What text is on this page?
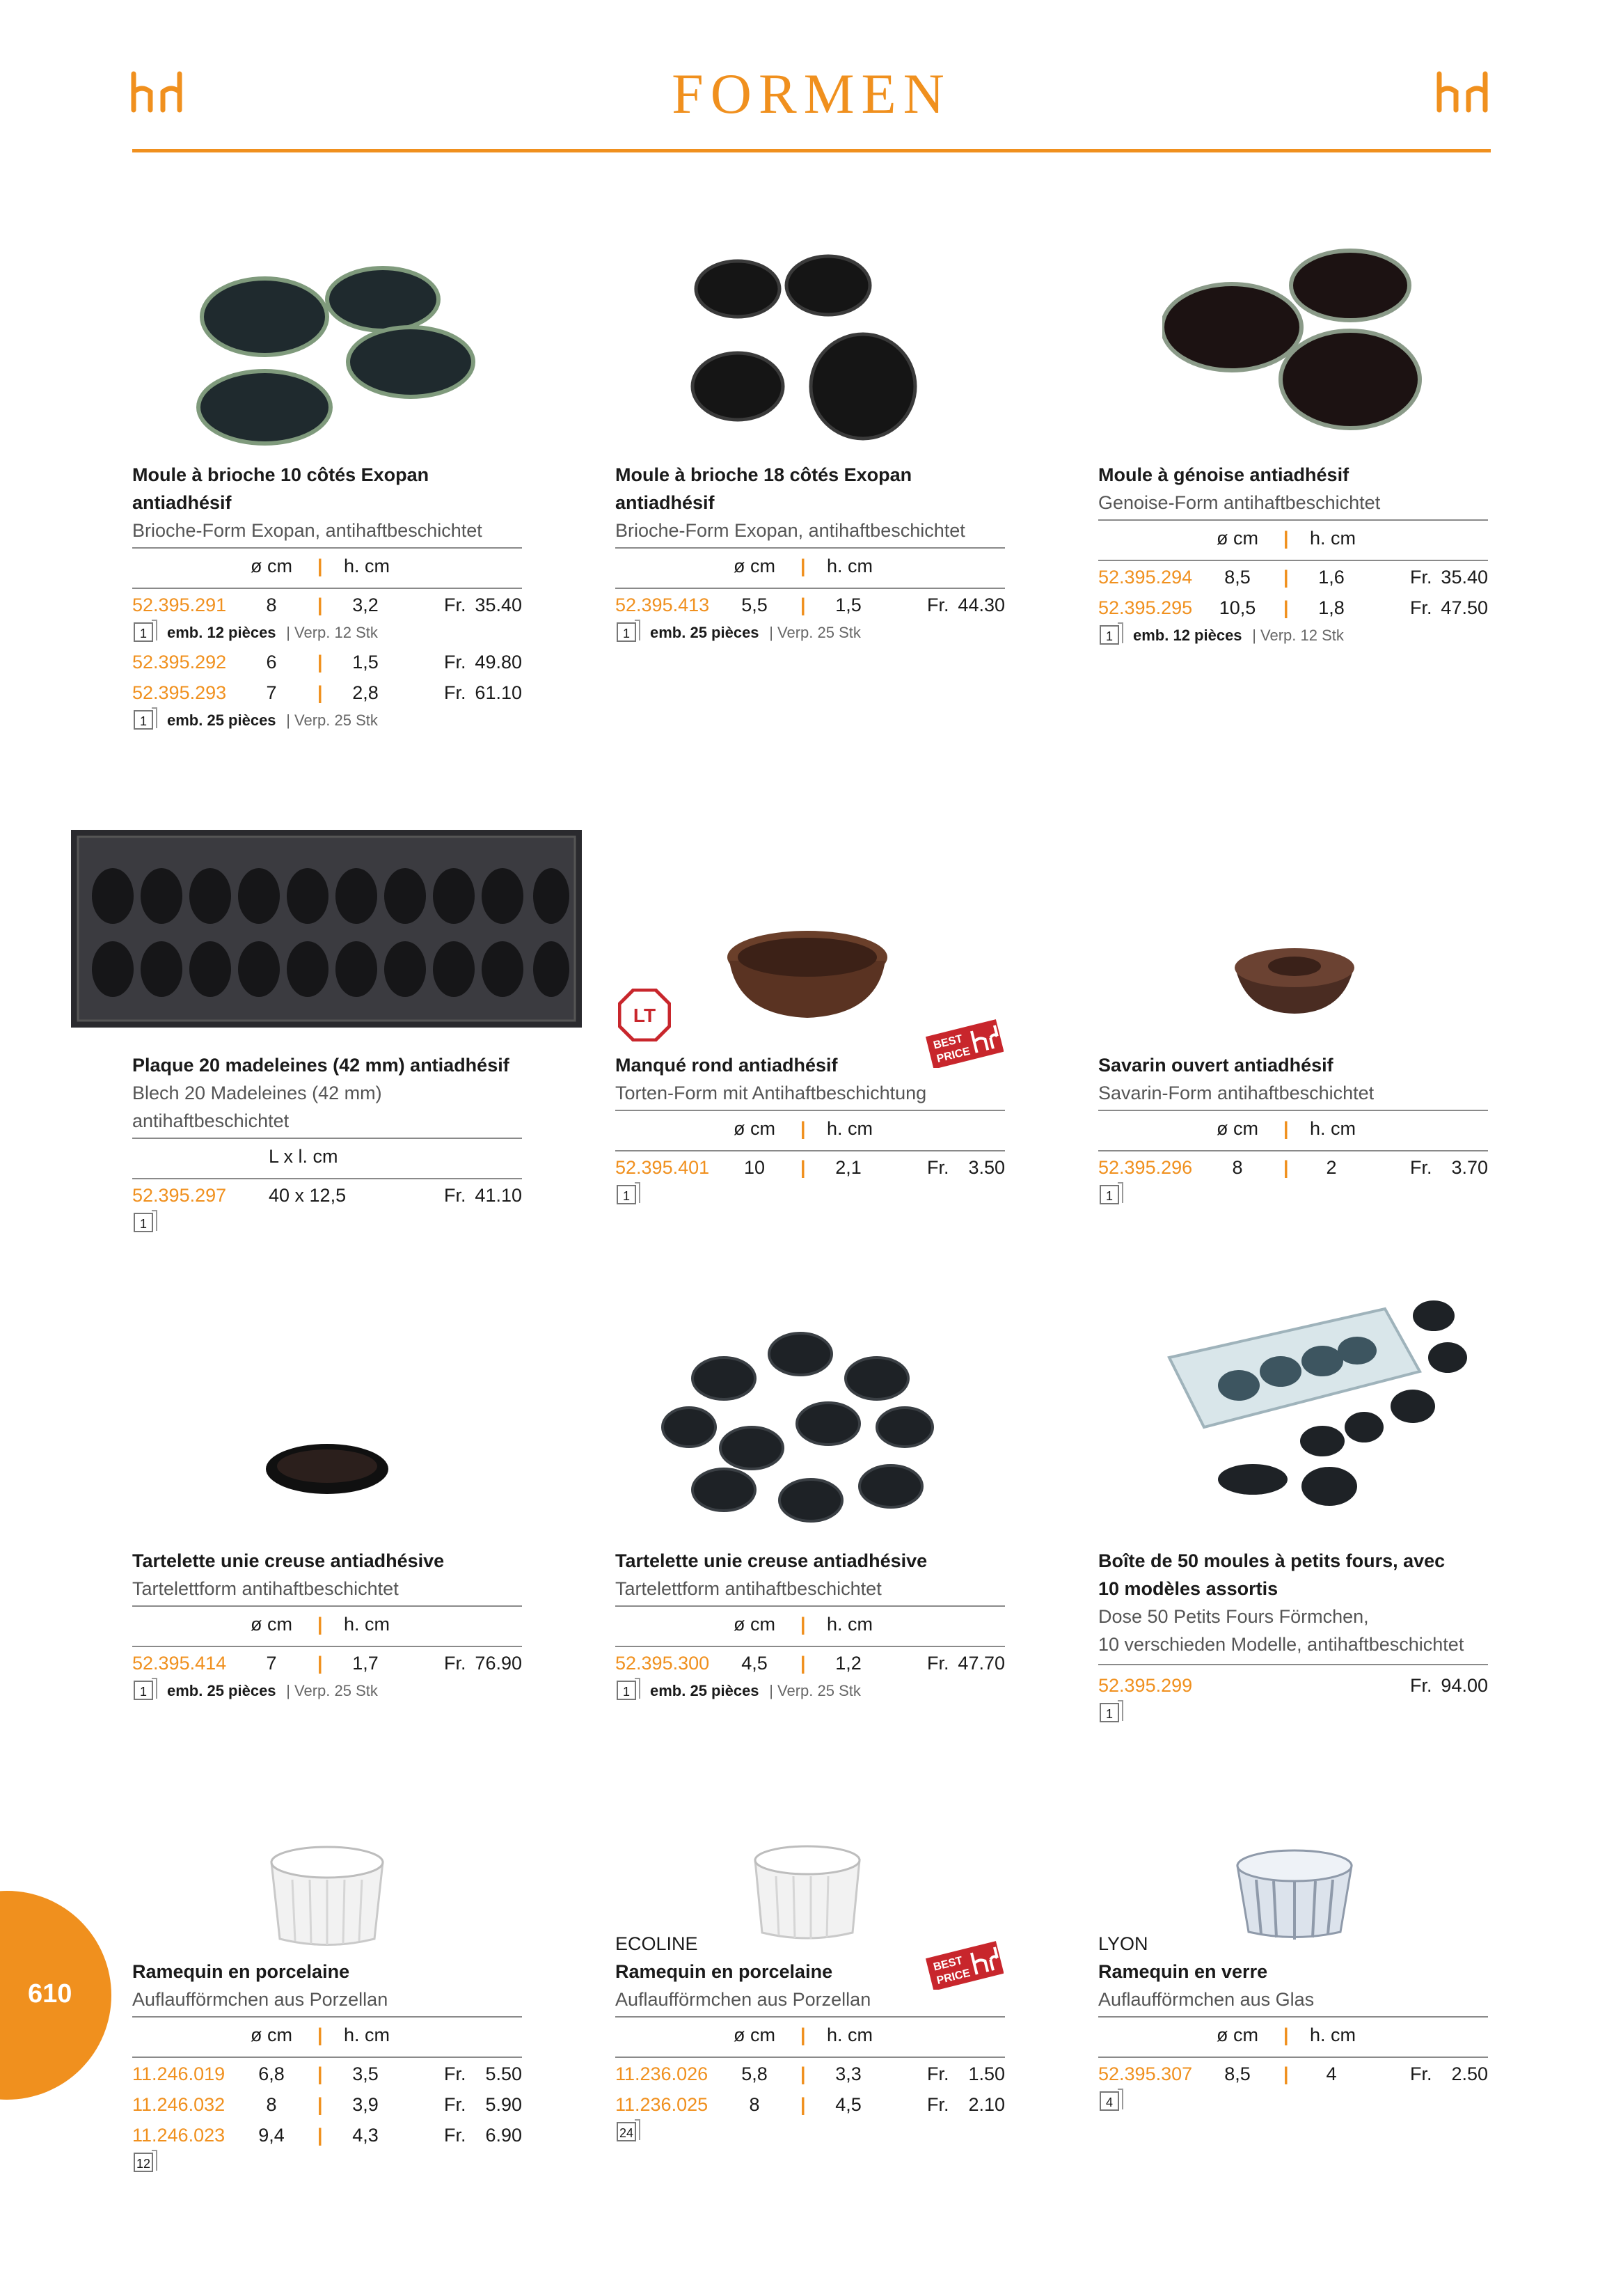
FORMEN
LT
BEST
PRICE
BEST
PRICE
Moule à brioche 10 côtés Exopan antiadhésif
Brioche-Form Exopan, antihaftbeschichtet
ø cm | h. cm
52.395.291 8 | 3,2	Fr. 35.40
1	emb. 12 pièces | Verp. 12 Stk
52.395.292 6 | 1,5	Fr. 49.80
52.395.293 7 | 2,8	Fr. 61.10
1	emb. 25 pièces | Verp. 25 Stk
Moule à brioche 18 côtés Exopan antiadhésif
Brioche-Form Exopan, antihaftbeschichtet
ø cm | h. cm
52.395.413 5,5 | 1,5	Fr. 44.30
1	emb. 25 pièces | Verp. 25 Stk
Moule à génoise antiadhésif
Genoise-Form antihaftbeschichtet
ø cm | h. cm
52.395.294 8,5 | 1,6	Fr. 35.40
52.395.295 10,5 | 1,8	Fr. 47.50
1	emb. 12 pièces | Verp. 12 Stk
Plaque 20 madeleines (42 mm) antiadhésif
Blech 20 Madeleines (42 mm)
antihaftbeschichtet
L x l. cm
52.395.297 40 x 12,5	Fr. 41.10
1
Manqué rond antiadhésif
Torten-Form mit Antihaftbeschichtung
ø cm | h. cm
52.395.401 10 | 2,1	Fr. 3.50
1
Savarin ouvert antiadhésif
Savarin-Form antihaftbeschichtet
ø cm | h. cm
52.395.296 8 | 2	Fr. 3.70
1
Tartelette unie creuse antiadhésive
Tartelettform antihaftbeschichtet
ø cm | h. cm
52.395.414 7 | 1,7	Fr. 76.90
1	emb. 25 pièces | Verp. 25 Stk
Tartelette unie creuse antiadhésive
Tartelettform antihaftbeschichtet
ø cm | h. cm
52.395.300 4,5 | 1,2	Fr. 47.70
1	emb. 25 pièces | Verp. 25 Stk
Boîte de 50 moules à petits fours, avec
10 modèles assortis
Dose 50 Petits Fours Förmchen,
10 verschieden Modelle, antihaftbeschichtet
52.395.299	Fr. 94.00
1
Ramequin en porcelaine
Auflaufförmchen aus Porzellan
ø cm | h. cm
11.246.019 6,8 | 3,5	Fr. 5.50
11.246.032 8 | 3,9	Fr. 5.90
11.246.023 9,4 | 4,3	Fr. 6.90
12
ECOLINE
Ramequin en porcelaine
Auflaufförmchen aus Porzellan
ø cm | h. cm
11.236.026 5,8 | 3,3	Fr. 1.50
11.236.025 8 | 4,5	Fr. 2.10
24
LYON
Ramequin en verre
Auflaufförmchen aus Glas
ø cm | h. cm
52.395.307 8,5 | 4	Fr. 2.50
4
610
